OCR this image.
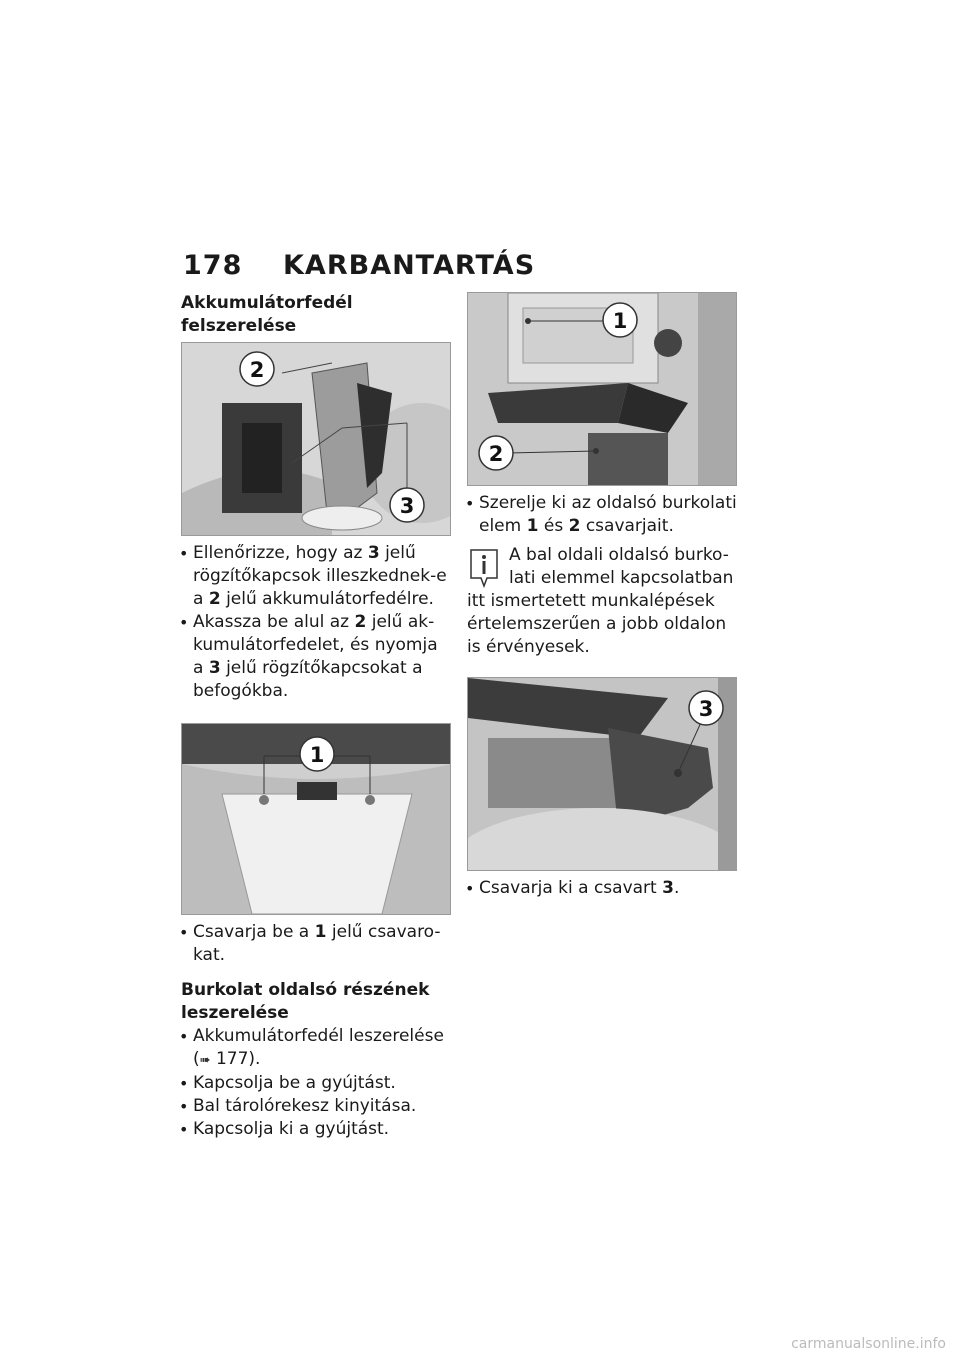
178 KARBANTARTÁS
Akkumulátorfedél felszerelése
2
3
• Ellenőrizze, hogy az 3 jelű rögzítőkapcsok illeszkednek-e a 2 jelű akkumulátorfedélre.
• Akassza be alul az 2 jelű ak-kumulátorfedelet, és nyomja a 3 jelű rögzítőkapcsokat a befogókba.
1
• Csavarja be a 1 jelű csavaro-kat.
Burkolat oldalsó részének leszerelése
• Akkumulátorfedél leszerelése (➠ 177).
• Kapcsolja be a gyújtást.
• Bal tárolórekesz kinyitása.
• Kapcsolja ki a gyújtást.
1
2
• Szerelje ki az oldalsó burkolati elem 1 és 2 csavarjait.
A bal oldali oldalsó burko-lati elemmel kapcsolatban itt ismertetett munkalépések értelemszerűen a jobb oldalon is érvényesek.
3
• Csavarja ki a csavart 3.
carmanualsonline.info
